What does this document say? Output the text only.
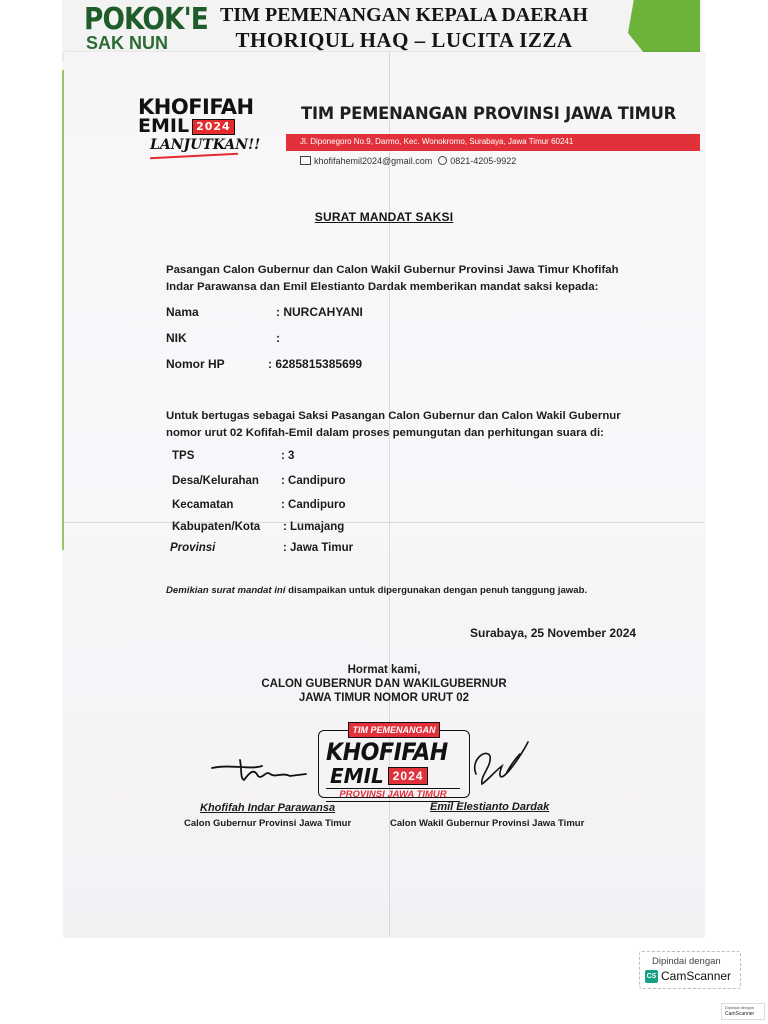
POKOK'E
SAK NUN
TIM PEMENANGAN KEPALA DAERAH
THORIQUL HAQ – LUCITA IZZA
KHOFIFAH
EMIL 2024
LANJUTKAN!!
TIM PEMENANGAN PROVINSI JAWA TIMUR
Jl. Diponegoro No.9, Darmo, Kec. Wonokromo, Surabaya, Jawa Timur 60241
khofifahemil2024@gmail.com 0821-4205-9922
SURAT MANDAT SAKSI
Pasangan Calon Gubernur dan Calon Wakil Gubernur Provinsi Jawa Timur Khofifah Indar Parawansa dan Emil Elestianto Dardak memberikan mandat saksi kepada:
Nama	: NURCAHYANI
NIK	:
Nomor HP	: 6285815385699
Untuk bertugas sebagai Saksi Pasangan Calon Gubernur dan Calon Wakil Gubernur nomor urut 02 Kofifah-Emil dalam proses pemungutan dan perhitungan suara di:
TPS	: 3
Desa/Kelurahan : Candipuro
Kecamatan	: Candipuro
Kabupaten/Kota : Lumajang
Provinsi	: Jawa Timur
Demikian surat mandat ini disampaikan untuk dipergunakan dengan penuh tanggung jawab.
Surabaya, 25 November 2024
Hormat kami,
CALON GUBERNUR DAN WAKILGUBERNUR
JAWA TIMUR NOMOR URUT 02
TIM PEMENANGAN
KHOFIFAH
EMIL 2024
PROVINSI JAWA TIMUR
Khofifah Indar Parawansa
Calon Gubernur Provinsi Jawa Timur
Emil Elestianto Dardak
Calon Wakil Gubernur Provinsi Jawa Timur
Dipindai dengan
CS CamScanner
Dipindai dengan
CamScanner
